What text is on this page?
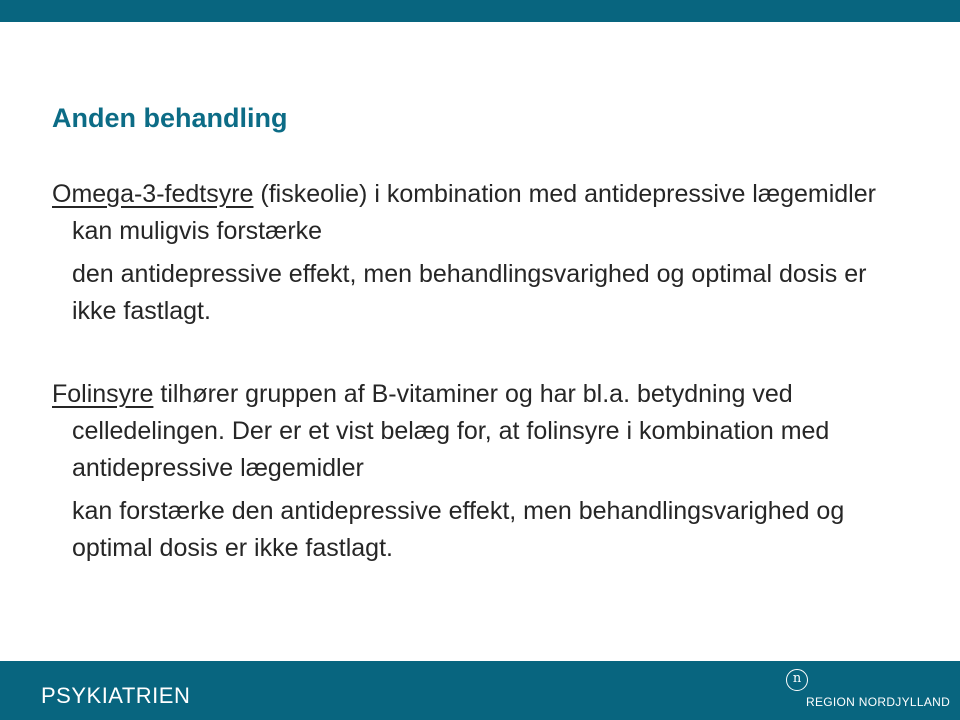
Anden behandling

Omega-3-fedtsyre (fiskeolie) i kombination med antidepressive lægemidler kan muligvis forstærke

den antidepressive effekt, men behandlingsvarighed og optimal dosis er ikke fastlagt.

Folinsyre tilhører gruppen af B-vitaminer og har bl.a. betydning ved celledelingen. Der er et vist belæg for, at folinsyre i kombination med antidepressive lægemidler

kan forstærke den antidepressive effekt, men behandlingsvarighed og optimal dosis er ikke fastlagt.

PSYKIATRIEN
n
REGION NORDJYLLAND
